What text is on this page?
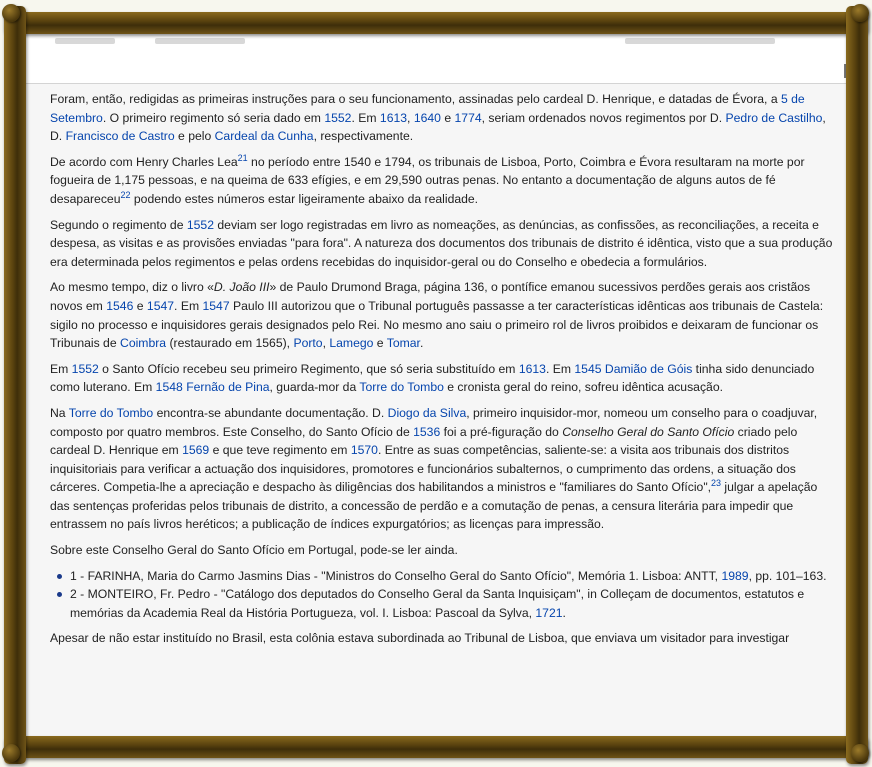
Foram, então, redigidas as primeiras instruções para o seu funcionamento, assinadas pelo cardeal D. Henrique, e datadas de Évora, a 5 de Setembro. O primeiro regimento só seria dado em 1552. Em 1613, 1640 e 1774, seriam ordenados novos regimentos por D. Pedro de Castilho, D. Francisco de Castro e pelo Cardeal da Cunha, respectivamente.

De acordo com Henry Charles Lea$^{21}$ no período entre 1540 e 1794, os tribunais de Lisboa, Porto, Coimbra e Évora resultaram na morte por fogueira de 1,175 pessoas, e na queima de 633 efígies, e em 29,590 outras penas. No entanto a documentação de alguns autos de fé desapareceu$^{22}$ podendo estes números estar ligeiramente abaixo da realidade.

Segundo o regimento de 1552 deviam ser logo registradas em livro as nomeações, as denúncias, as confissões, as reconciliações, a receita e despesa, as visitas e as provisões enviadas "para fora". A natureza dos documentos dos tribunais de distrito é idêntica, visto que a sua produção era determinada pelos regimentos e pelas ordens recebidas do inquisidor-geral ou do Conselho e obedecia a formulários.

Ao mesmo tempo, diz o livro «D. João III» de Paulo Drumond Braga, página 136, o pontífice emanou sucessivos perdões gerais aos cristãos novos em 1546 e 1547. Em 1547 Paulo III autorizou que o Tribunal português passasse a ter características idênticas aos tribunais de Castela: sigilo no processo e inquisidores gerais designados pelo Rei. No mesmo ano saiu o primeiro rol de livros proibidos e deixaram de funcionar os Tribunais de Coimbra (restaurado em 1565), Porto, Lamego e Tomar.

Em 1552 o Santo Ofício recebeu seu primeiro Regimento, que só seria substituído em 1613. Em 1545 Damião de Góis tinha sido denunciado como luterano. Em 1548 Fernão de Pina, guarda-mor da Torre do Tombo e cronista geral do reino, sofreu idêntica acusação.

Na Torre do Tombo encontra-se abundante documentação. D. Diogo da Silva, primeiro inquisidor-mor, nomeou um conselho para o coadjuvar, composto por quatro membros. Este Conselho, do Santo Ofício de 1536 foi a pré-figuração do Conselho Geral do Santo Ofício criado pelo cardeal D. Henrique em 1569 e que teve regimento em 1570. Entre as suas competências, saliente-se: a visita aos tribunais dos distritos inquisitoriais para verificar a actuação dos inquisidores, promotores e funcionários subalternos, o cumprimento das ordens, a situação dos cárceres. Competia-lhe a apreciação e despacho às diligências dos habilitandos a ministros e "familiares do Santo Ofício",$^{23}$ julgar a apelação das sentenças proferidas pelos tribunais de distrito, a concessão de perdão e a comutação de penas, a censura literária para impedir que entrassem no país livros heréticos; a publicação de índices expurgatórios; as licenças para impressão.

Sobre este Conselho Geral do Santo Ofício em Portugal, pode-se ler ainda.

1 - FARINHA, Maria do Carmo Jasmins Dias - "Ministros do Conselho Geral do Santo Ofício", Memória 1. Lisboa: ANTT, 1989, pp. 101–163.
2 - MONTEIRO, Fr. Pedro - "Catálogo dos deputados do Conselho Geral da Santa Inquisiçam", in Colleçam de documentos, estatutos e memórias da Academia Real da História Portugueza, vol. I. Lisboa: Pascoal da Sylva, 1721.

Apesar de não estar instituído no Brasil, esta colônia estava subordinada ao Tribunal de Lisboa, que enviava um visitador para investigar
